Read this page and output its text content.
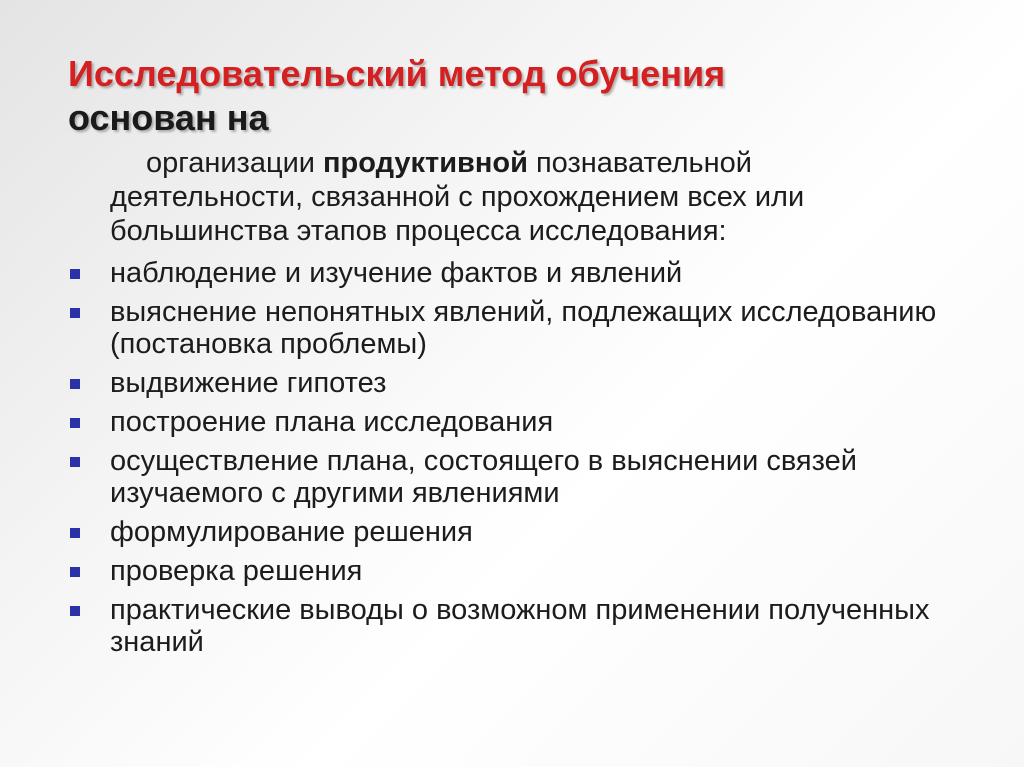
Исследовательский метод обучения
основан на

организации продуктивной познавательной деятельности, связанной с прохождением всех или большинства этапов процесса исследования:

наблюдение и изучение фактов и явлений
выяснение непонятных явлений, подлежащих исследованию (постановка проблемы)
выдвижение гипотез
построение плана исследования
осуществление плана, состоящего в выяснении связей изучаемого с другими явлениями
формулирование решения
проверка решения
практические выводы о возможном применении полученных знаний
